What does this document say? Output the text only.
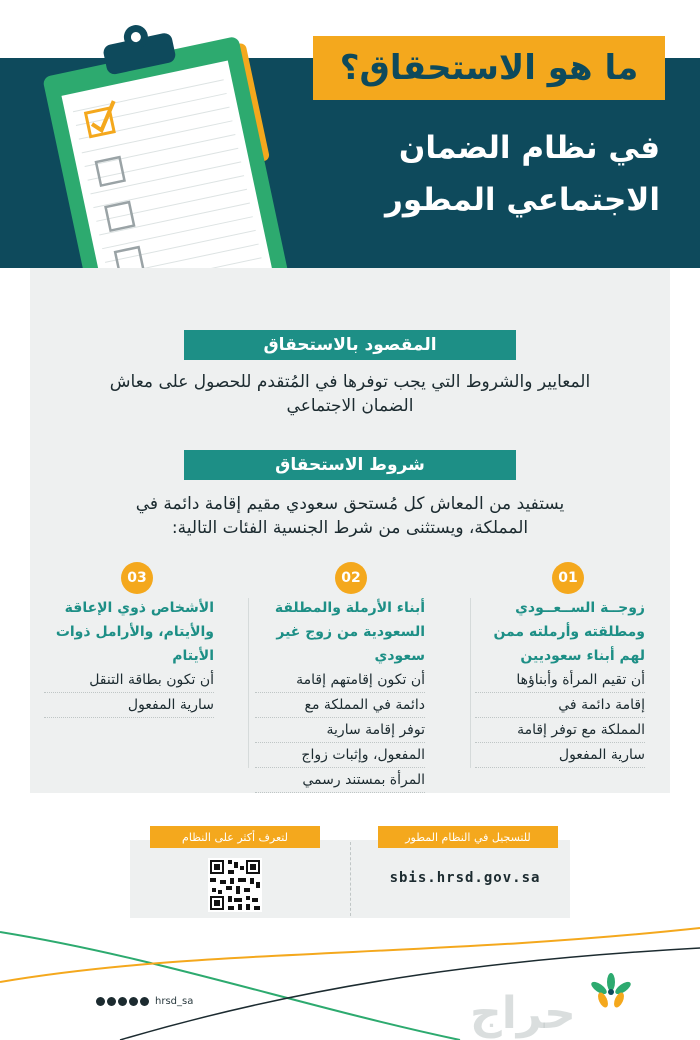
ما هو الاستحقاق؟
في نظام الضمان
الاجتماعي المطور
المقصود بالاستحقاق
المعايير والشروط التي يجب توفرها في المُتقدم للحصول على معاش
الضمان الاجتماعي
شروط الاستحقاق
يستفيد من المعاش كل مُستحق سعودي مقيم إقامة دائمة في
المملكة، ويستثنى من شرط الجنسية الفئات التالية:
01
02
03
زوجــة الســعــودي
ومطلقته وأرملته ممن
لهم أبناء سعوديين
أن تقيم المرأة وأبناؤها
إقامة دائمة في
المملكة مع توفر إقامة
سارية المفعول
أبناء الأرملة والمطلقة
السعودية من زوج غير
سعودي
أن تكون إقامتهم إقامة
دائمة في المملكة مع
توفر إقامة سارية
المفعول، وإثبات زواج
المرأة بمستند رسمي
الأشخاص ذوي الإعاقة
والأيتام، والأرامل ذوات
الأيتام
أن تكون بطاقة التنقل
سارية المفعول
للتسجيل في النظام المطور
لتعرف أكثر على النظام
sbis.hrsd.gov.sa
hrsd_sa	حراج
